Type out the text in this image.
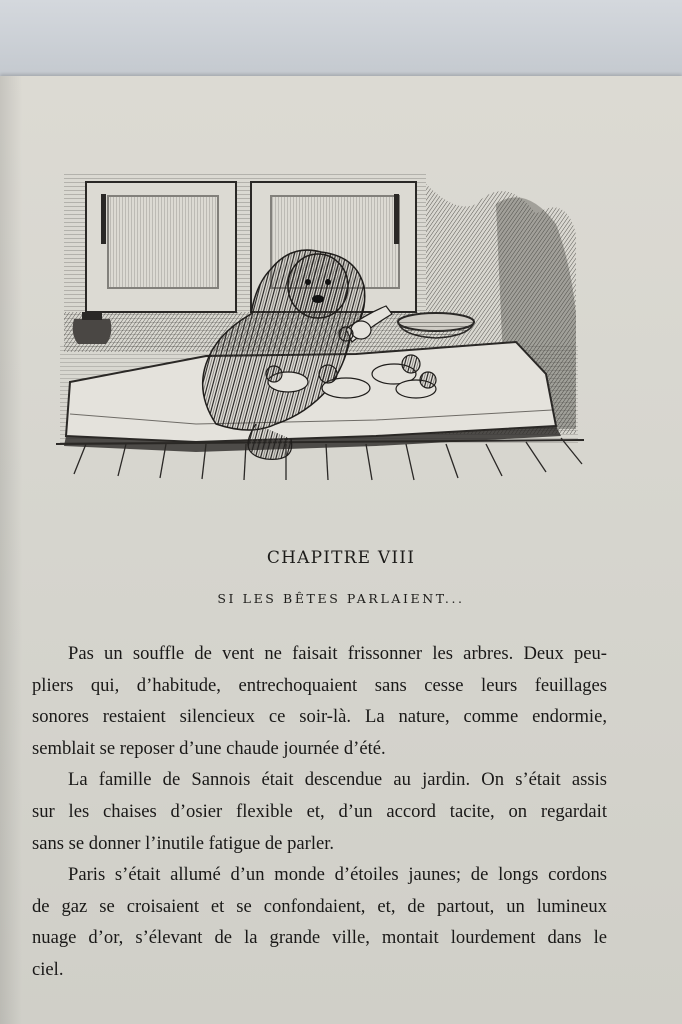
CHAPITRE VIII
SI LES BÊTES PARLAIENT...
Pas un souffle de vent ne faisait frissonner les arbres. Deux peu-
pliers qui, d’habitude, entrechoquaient sans cesse leurs feuillages
sonores restaient silencieux ce soir-là. La nature, comme endormie,
semblait se reposer d’une chaude journée d’été.
La famille de Sannois était descendue au jardin. On s’était assis
sur les chaises d’osier flexible et, d’un accord tacite, on regardait
sans se donner l’inutile fatigue de parler.
Paris s’était allumé d’un monde d’étoiles jaunes; de longs cordons
de gaz se croisaient et se confondaient, et, de partout, un lumineux
nuage d’or, s’élevant de la grande ville, montait lourdement dans le
ciel.
